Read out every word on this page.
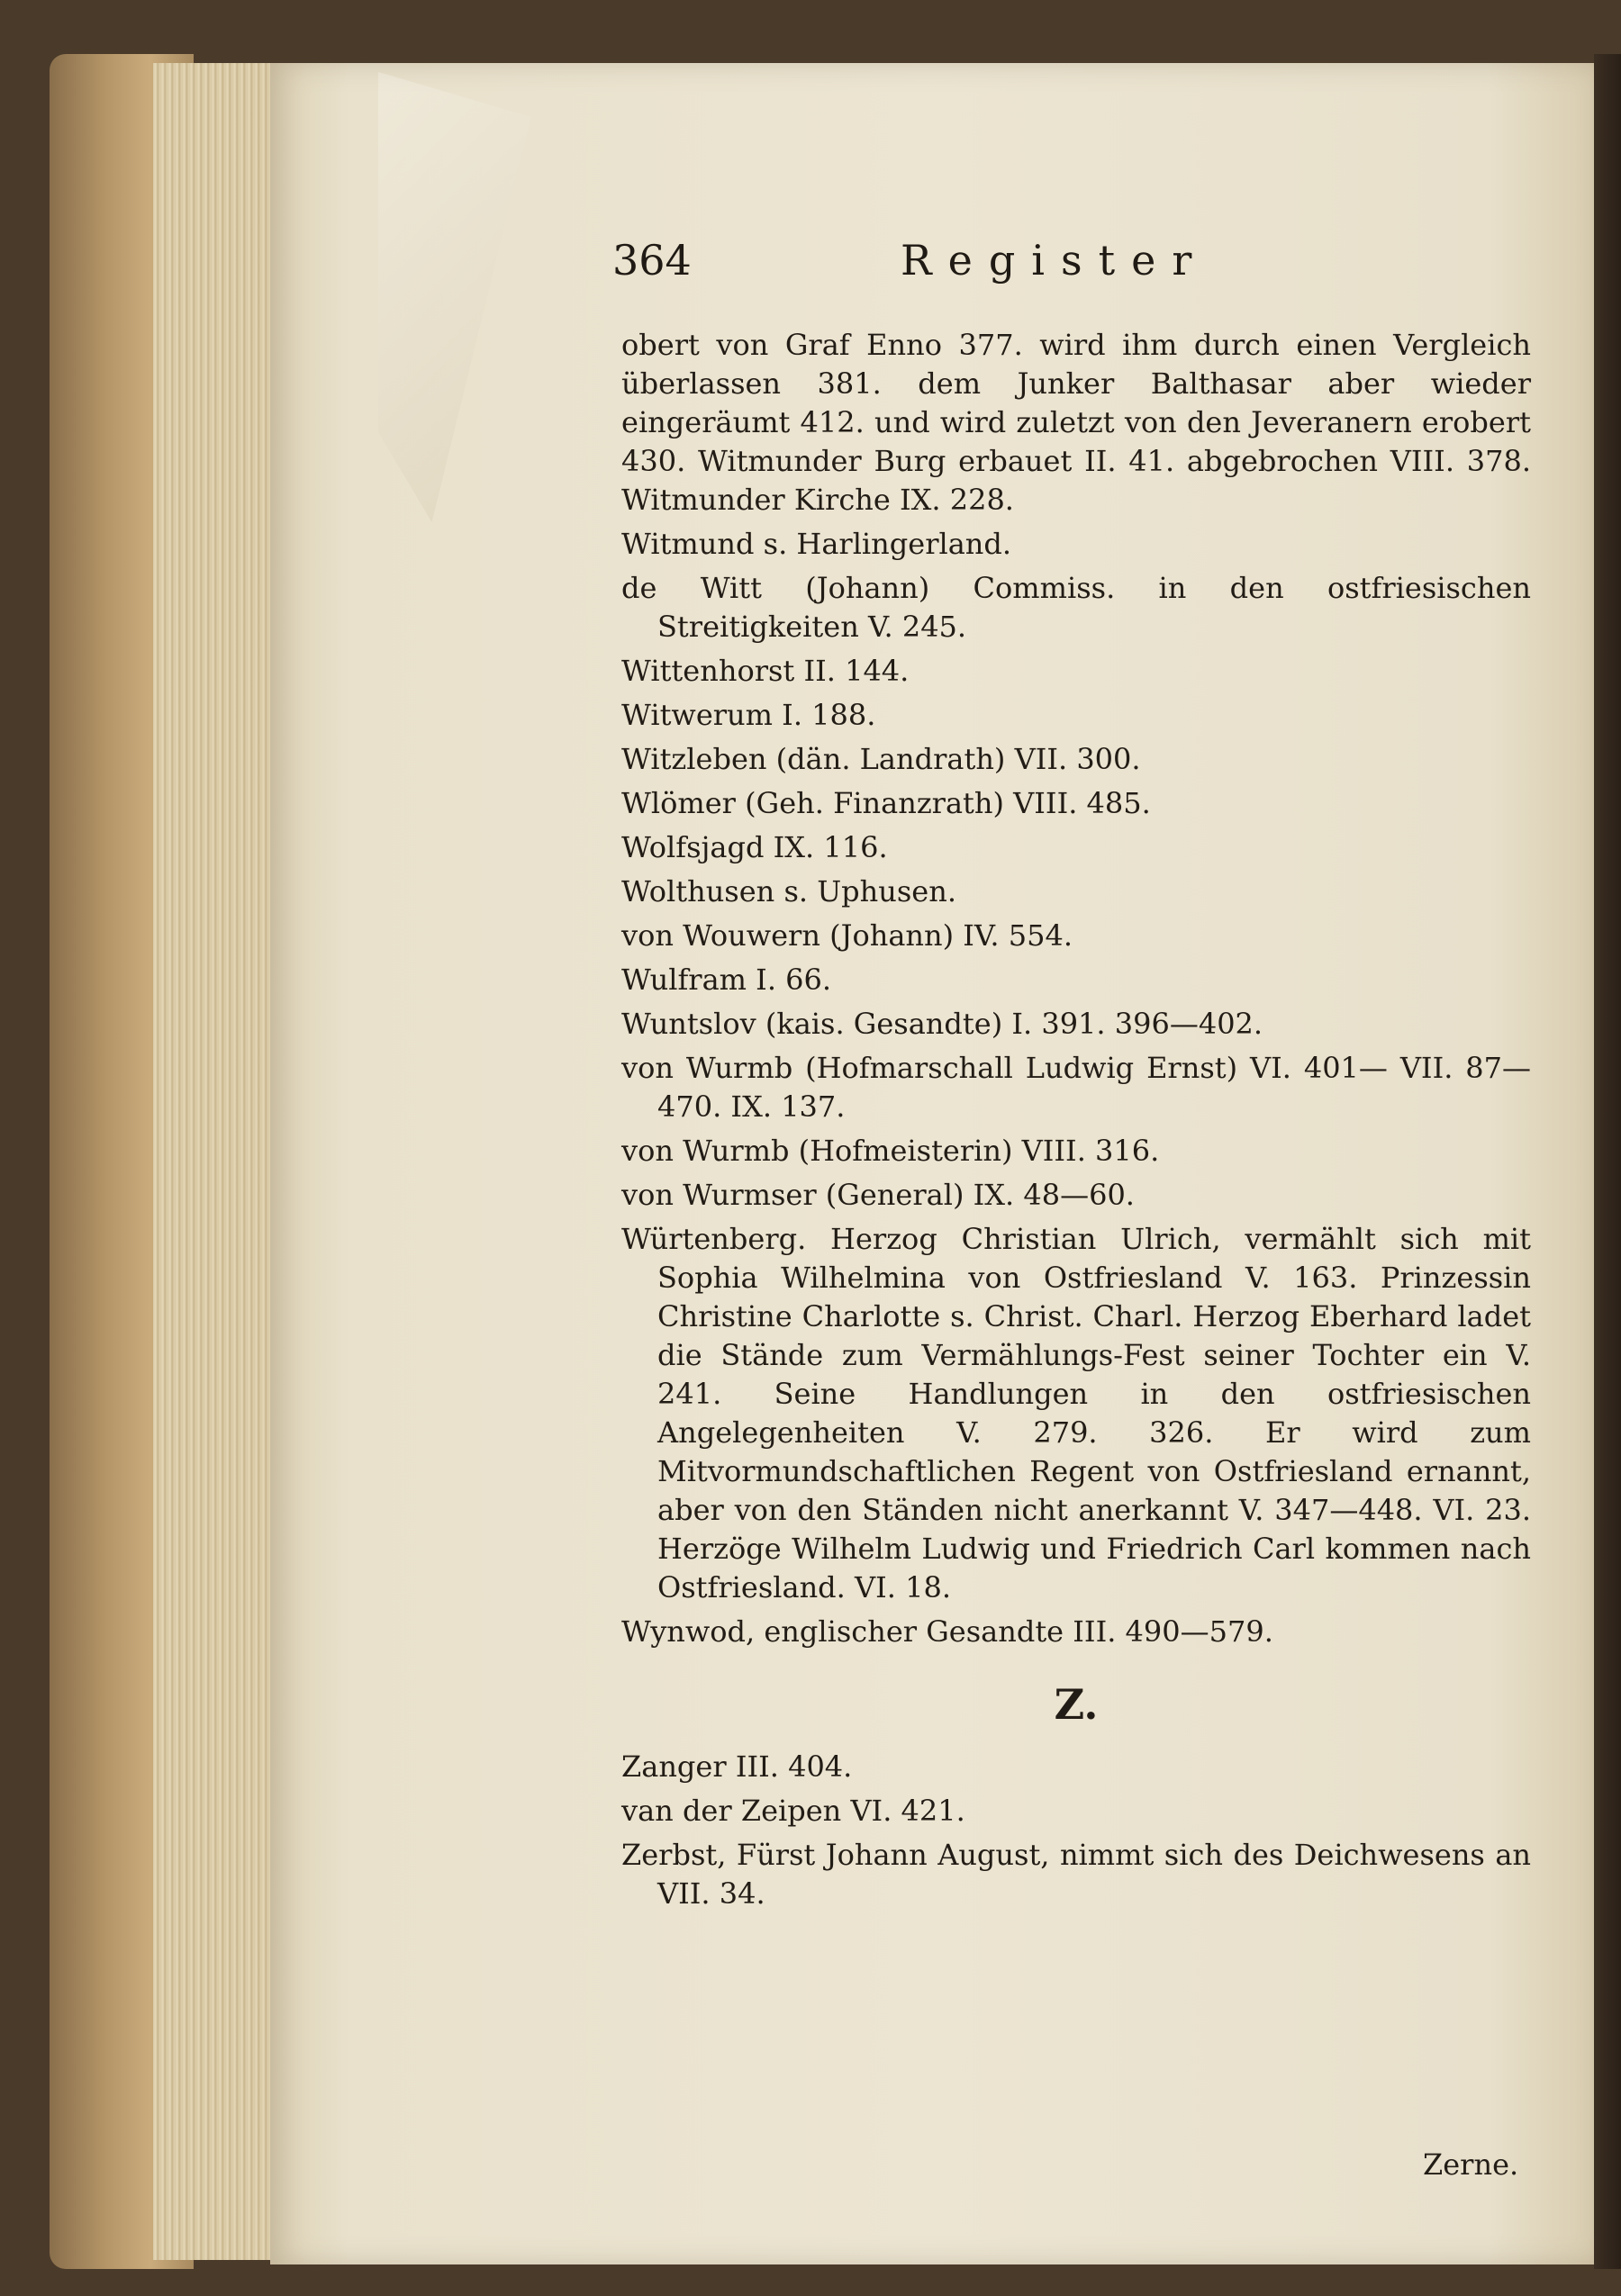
364	Register

obert von Graf Enno 377. wird ihm durch einen Vergleich überlassen 381. dem Junker Balthasar aber wieder eingeräumt 412. und wird zuletzt von den Jeveranern erobert 430. Witmunder Burg erbauet II. 41. abgebrochen VIII. 378. Witmunder Kirche IX. 228.

Witmund s. Harlingerland.

de Witt (Johann) Commiss. in den ostfriesischen Streitigkeiten V. 245.

Wittenhorst II. 144.

Witwerum I. 188.

Witzleben (dän. Landrath) VII. 300.

Wlömer (Geh. Finanzrath) VIII. 485.

Wolfsjagd IX. 116.

Wolthusen s. Uphusen.

von Wouwern (Johann) IV. 554.

Wulfram I. 66.

Wuntslov (kais. Gesandte) I. 391. 396—402.

von Wurmb (Hofmarschall Ludwig Ernst) VI. 401— VII. 87—470. IX. 137.

von Wurmb (Hofmeisterin) VIII. 316.

von Wurmser (General) IX. 48—60.

Würtenberg. Herzog Christian Ulrich, vermählt sich mit Sophia Wilhelmina von Ostfriesland V. 163. Prinzessin Christine Charlotte s. Christ. Charl. Herzog Eberhard ladet die Stände zum Vermählungs-Fest seiner Tochter ein V. 241. Seine Handlungen in den ostfriesischen Angelegenheiten V. 279. 326. Er wird zum Mitvormundschaftlichen Regent von Ostfriesland ernannt, aber von den Ständen nicht anerkannt V. 347—448. VI. 23. Herzöge Wilhelm Ludwig und Friedrich Carl kommen nach Ostfriesland. VI. 18.

Wynwod, englischer Gesandte III. 490—579.

Z.

Zanger III. 404.

van der Zeipen VI. 421.

Zerbst, Fürst Johann August, nimmt sich des Deichwesens an VII. 34.

Zerne.
